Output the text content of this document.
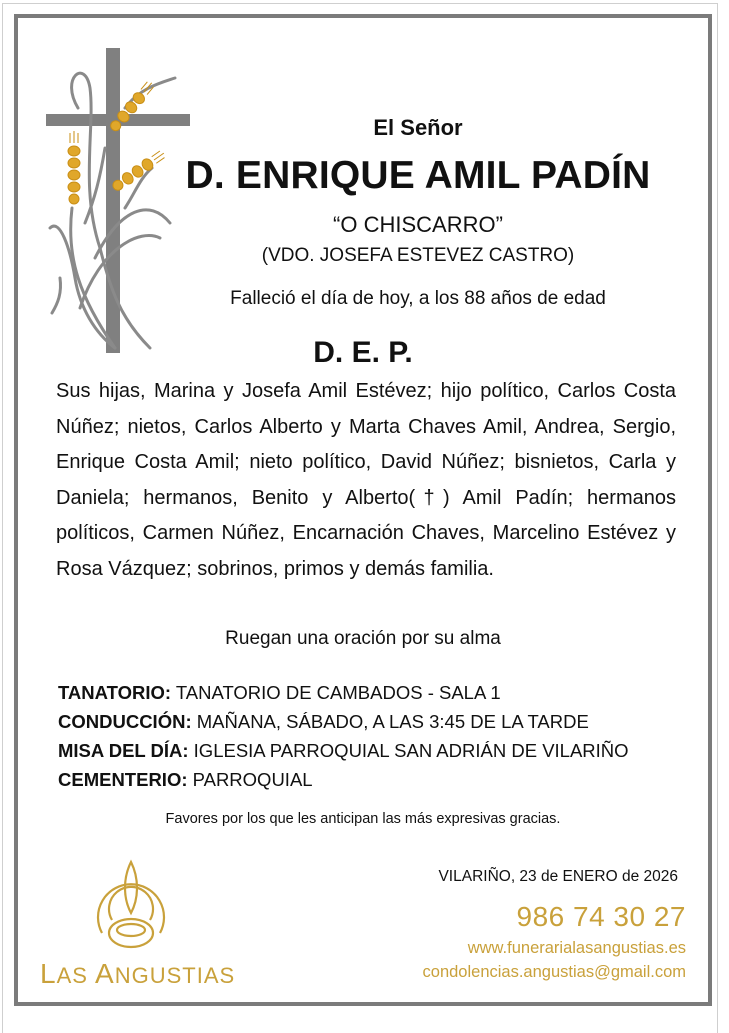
El Señor
D. ENRIQUE AMIL PADÍN
“O CHISCARRO”
(VDO. JOSEFA ESTEVEZ CASTRO)
Falleció el día de hoy, a los 88 años de edad
D. E. P.
Sus hijas, Marina y Josefa Amil Estévez; hijo político, Carlos Costa Núñez; nietos, Carlos Alberto y Marta Chaves Amil, Andrea, Sergio, Enrique Costa Amil; nieto político, David Núñez; bisnietos, Carla y Daniela; hermanos, Benito y Alberto(†) Amil Padín; hermanos políticos, Carmen Núñez, Encarnación Chaves, Marcelino Estévez y Rosa Vázquez; sobrinos, primos y demás familia.
Ruegan una oración por su alma
TANATORIO: TANATORIO DE CAMBADOS - SALA 1
CONDUCCIÓN: MAÑANA, SÁBADO, A LAS 3:45 DE LA TARDE
MISA DEL DÍA: IGLESIA PARROQUIAL SAN ADRIÁN DE VILARIÑO
CEMENTERIO: PARROQUIAL
Favores por los que les anticipan las más expresivas gracias.
VILARIÑO, 23 de ENERO de 2026
986 74 30 27
www.funerarialasangustias.es
condolencias.angustias@gmail.com
LAS ANGUSTIAS
